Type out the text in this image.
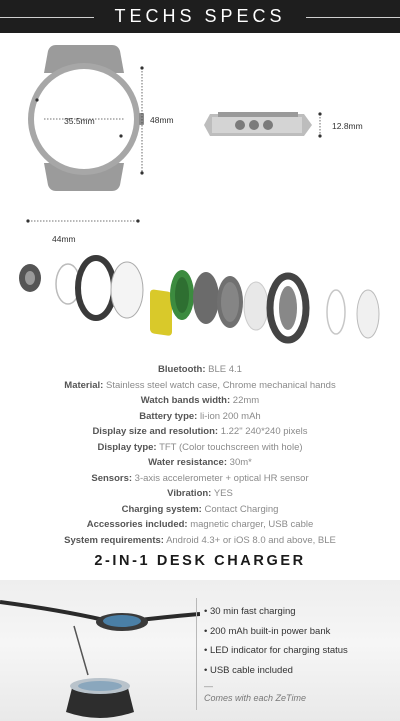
TECHS SPECS
35.5mm	48mm
44mm
12.8mm
Bluetooth: BLE 4.1
Material: Stainless steel watch case, Chrome mechanical hands
Watch bands width: 22mm
Battery type: li-ion 200 mAh
Display size and resolution: 1.22" 240*240 pixels
Display type: TFT (Color touchscreen with hole)
Water resistance: 30m*
Sensors: 3-axis accelerometer + optical HR sensor
Vibration: YES
Charging system: Contact Charging
Accessories included: magnetic charger, USB cable
System requirements: Android 4.3+ or iOS 8.0 and above, BLE
2-IN-1 DESK CHARGER
• 30 min fast charging
• 200 mAh built-in power bank
• LED indicator for charging status
• USB cable included
—
Comes with each ZeTime
